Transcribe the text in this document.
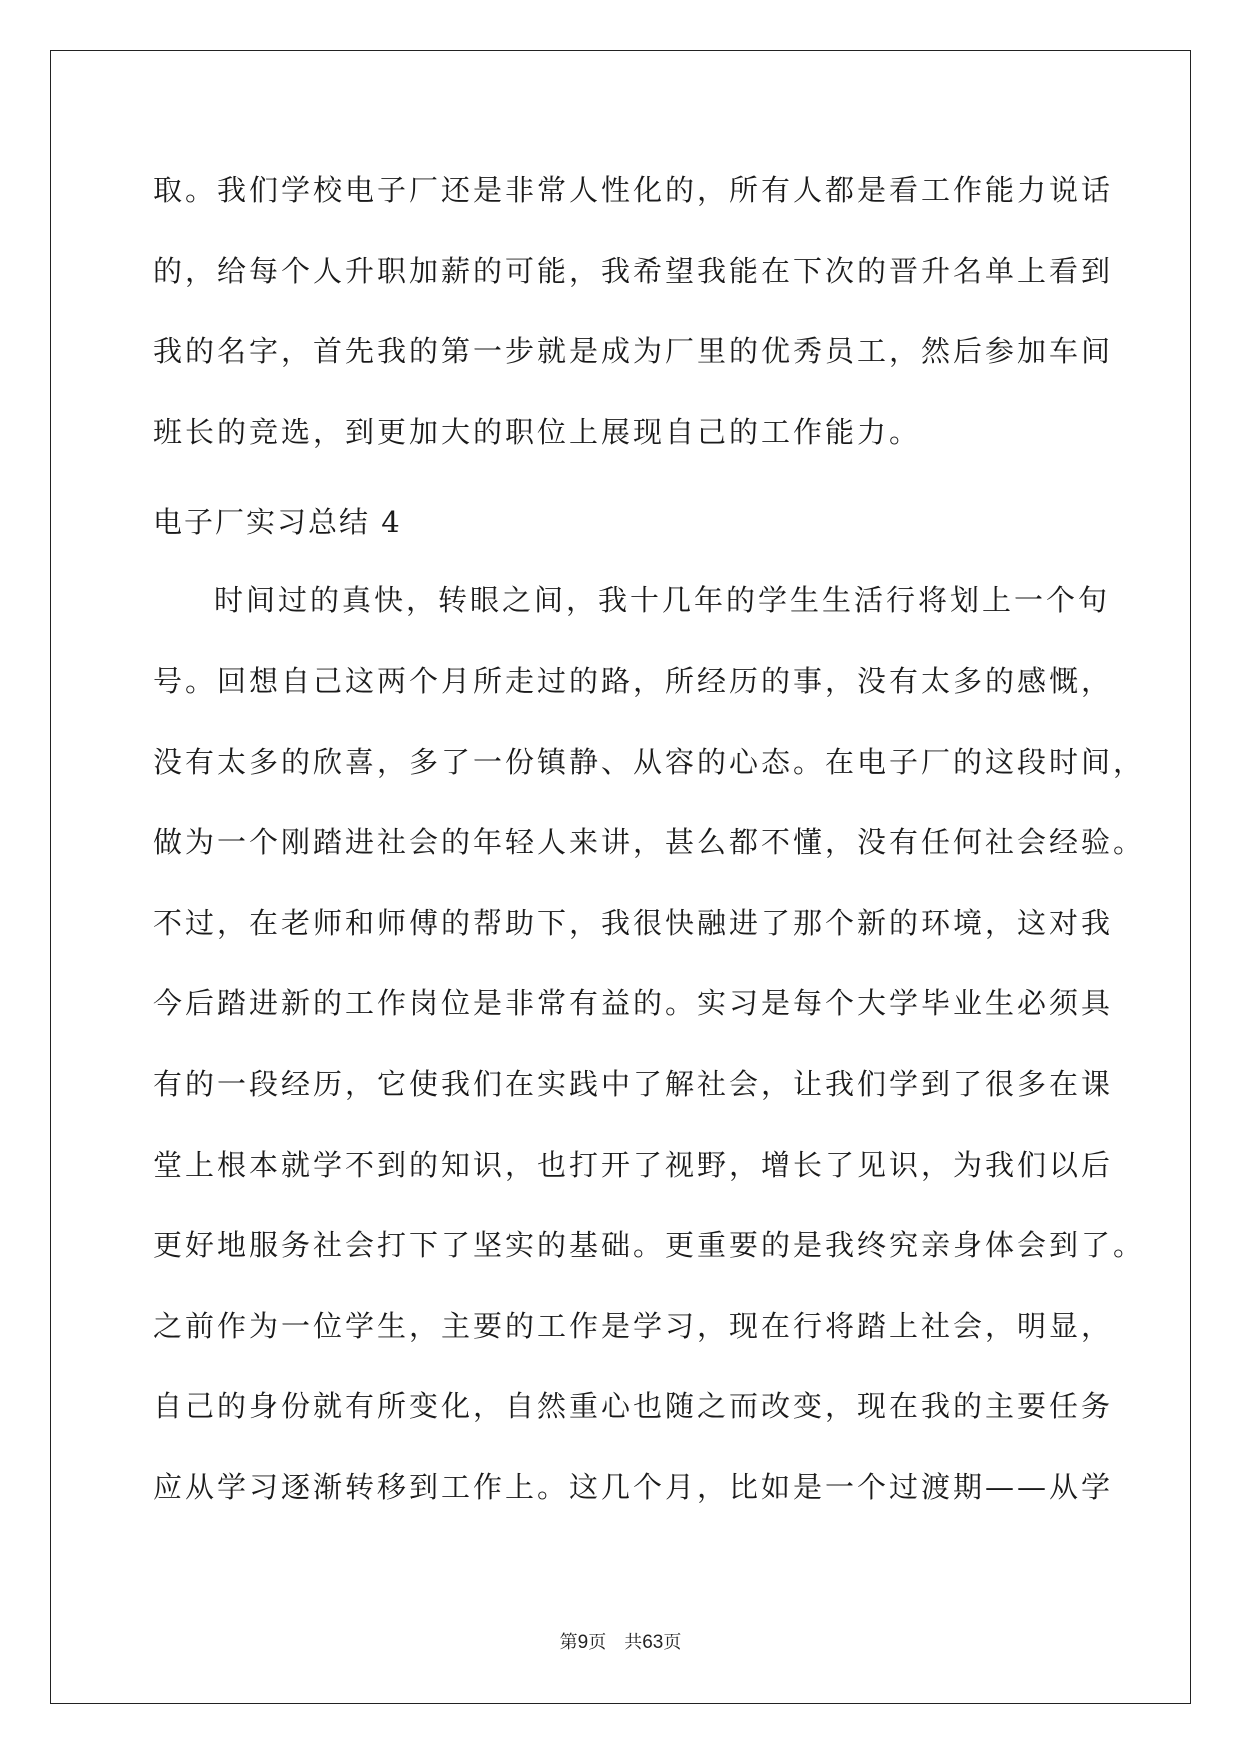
取。我们学校电子厂还是非常人性化的，所有人都是看工作能力说话
的，给每个人升职加薪的可能，我希望我能在下次的晋升名单上看到
我的名字，首先我的第一步就是成为厂里的优秀员工，然后参加车间
班长的竞选，到更加大的职位上展现自己的工作能力。
电子厂实习总结 4
时间过的真快，转眼之间，我十几年的学生生活行将划上一个句
号。回想自己这两个月所走过的路，所经历的事，没有太多的感慨，
没有太多的欣喜，多了一份镇静、从容的心态。在电子厂的这段时间，
做为一个刚踏进社会的年轻人来讲，甚么都不懂，没有任何社会经验。
不过，在老师和师傅的帮助下，我很快融进了那个新的环境，这对我
今后踏进新的工作岗位是非常有益的。实习是每个大学毕业生必须具
有的一段经历，它使我们在实践中了解社会，让我们学到了很多在课
堂上根本就学不到的知识，也打开了视野，增长了见识，为我们以后
更好地服务社会打下了坚实的基础。更重要的是我终究亲身体会到了。
之前作为一位学生，主要的工作是学习，现在行将踏上社会，明显，
自己的身份就有所变化，自然重心也随之而改变，现在我的主要任务
应从学习逐渐转移到工作上。这几个月，比如是一个过渡期——从学
第9页 共63页
